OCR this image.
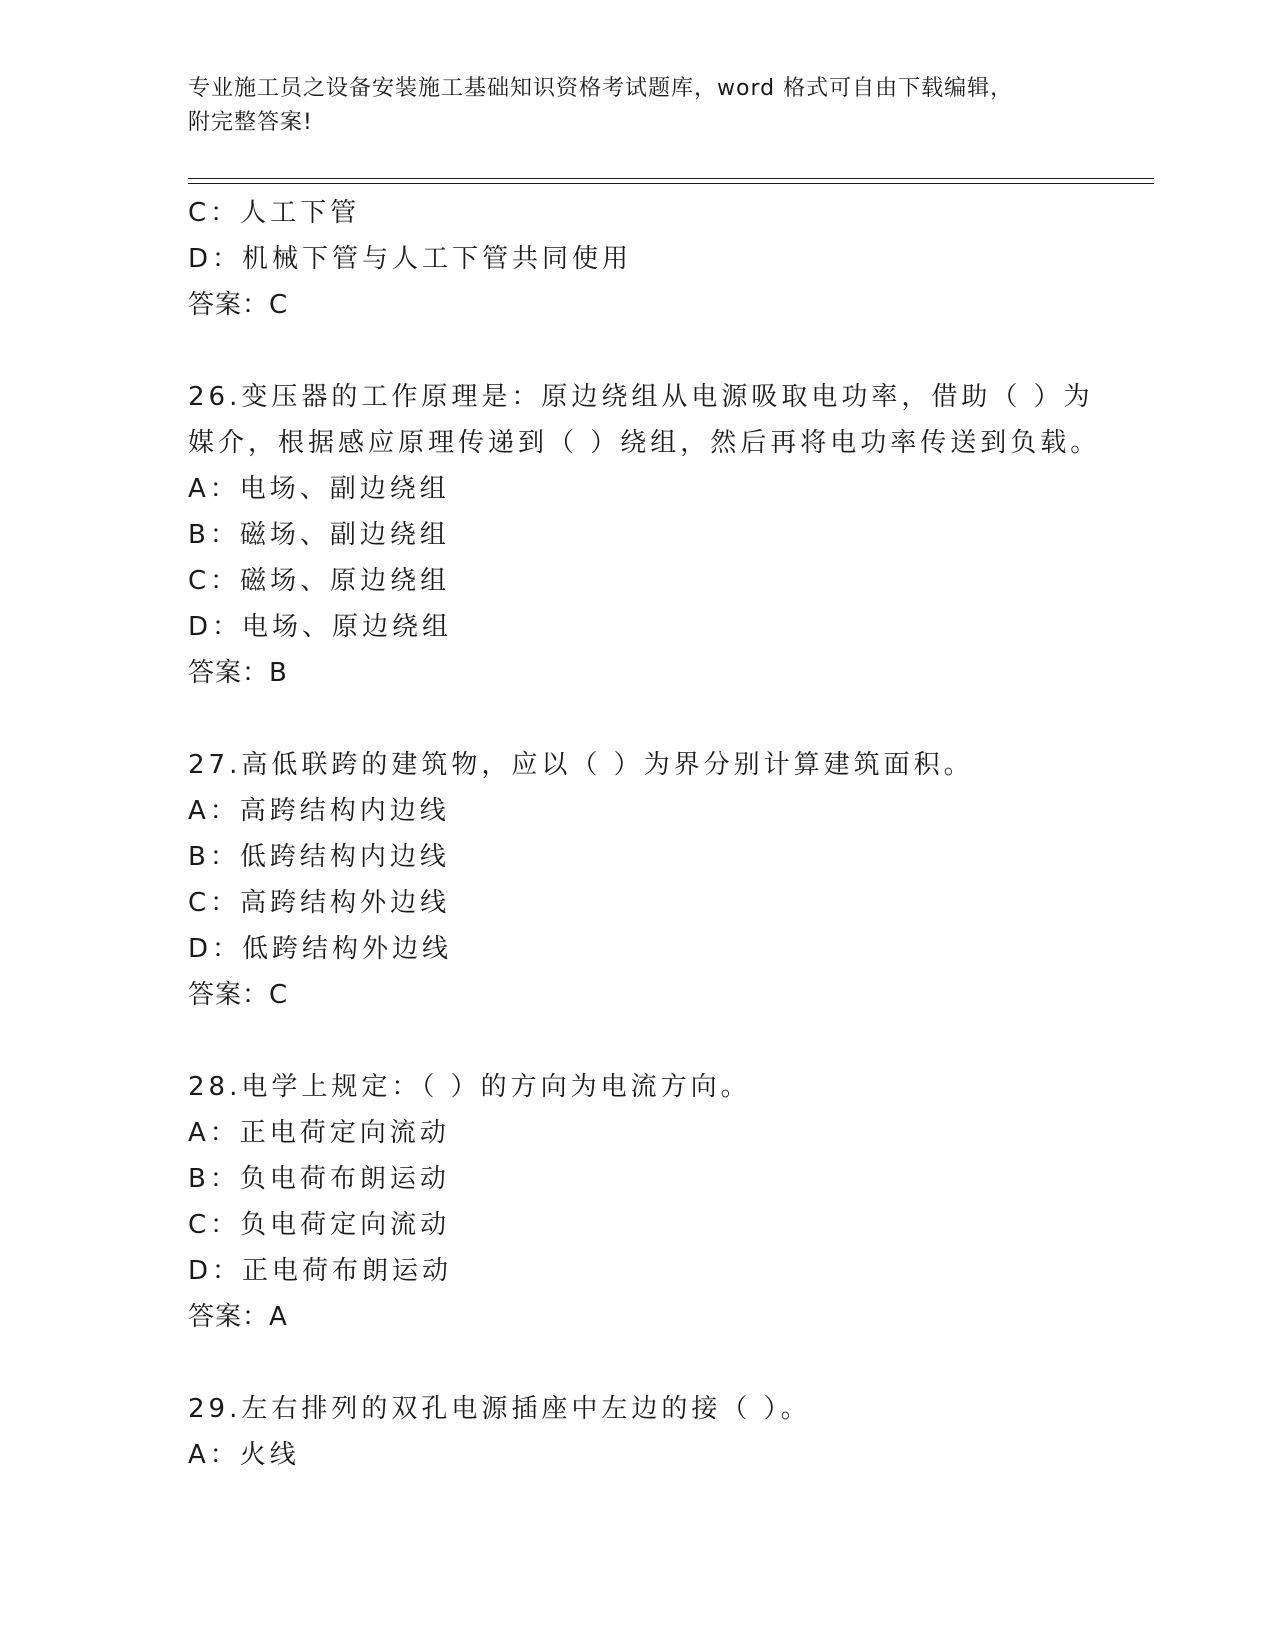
专业施工员之设备安装施工基础知识资格考试题库，word 格式可自由下载编辑，
附完整答案!
C：人工下管
D：机械下管与人工下管共同使用
答案：C
26.变压器的工作原理是：原边绕组从电源吸取电功率，借助（ ）为
媒介，根据感应原理传递到（ ）绕组，然后再将电功率传送到负载。
A：电场、副边绕组
B：磁场、副边绕组
C：磁场、原边绕组
D：电场、原边绕组
答案：B
27.高低联跨的建筑物，应以（ ）为界分别计算建筑面积。
A：高跨结构内边线
B：低跨结构内边线
C：高跨结构外边线
D：低跨结构外边线
答案：C
28.电学上规定：（ ）的方向为电流方向。
A：正电荷定向流动
B：负电荷布朗运动
C：负电荷定向流动
D：正电荷布朗运动
答案：A
29.左右排列的双孔电源插座中左边的接（ ）。
A：火线
